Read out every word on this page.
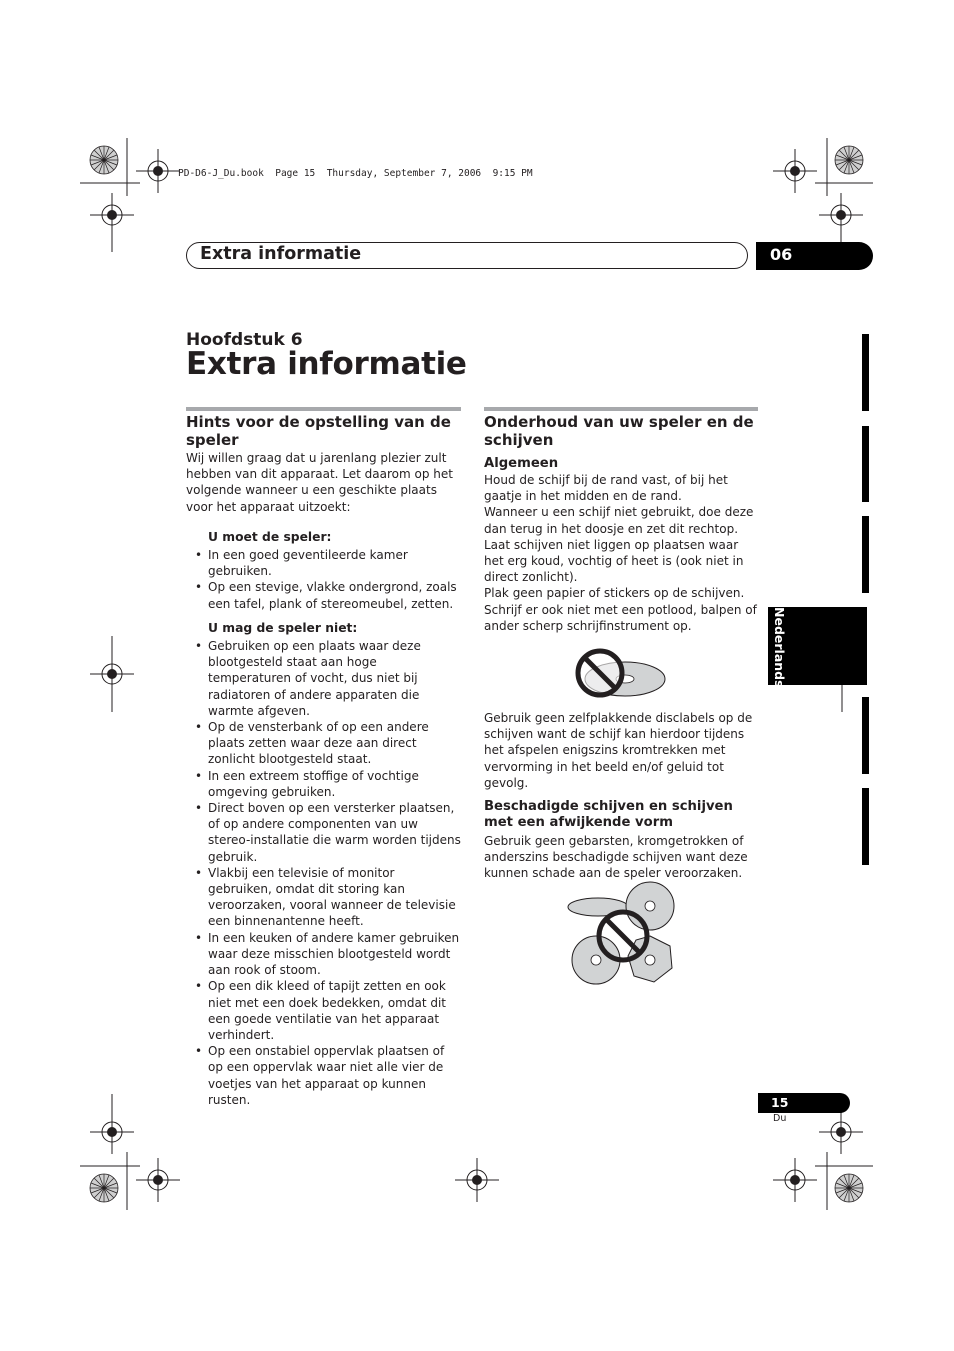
PD-D6-J_Du.book  Page 15  Thursday, September 7, 2006  9:15 PM
Extra informatie	06
Hoofdstuk 6
Extra informatie

Hints voor de opstelling van de speler

Wij willen graag dat u jarenlang plezier zult hebben van dit apparaat. Let daarom op het volgende wanneer u een geschikte plaats voor het apparaat uitzoekt:

U moet de speler:

• In een goed geventileerde kamer gebruiken.
• Op een stevige, vlakke ondergrond, zoals een tafel, plank of stereomeubel, zetten.

U mag de speler niet:

• Gebruiken op een plaats waar deze blootgesteld staat aan hoge temperaturen of vocht, dus niet bij radiatoren of andere apparaten die warmte afgeven.
• Op de vensterbank of op een andere plaats zetten waar deze aan direct zonlicht blootgesteld staat.
• In een extreem stoffige of vochtige omgeving gebruiken.
• Direct boven op een versterker plaatsen, of op andere componenten van uw stereo-installatie die warm worden tijdens gebruik.
• Vlakbij een televisie of monitor gebruiken, omdat dit storing kan veroorzaken, vooral wanneer de televisie een binnenantenne heeft.
• In een keuken of andere kamer gebruiken waar deze misschien blootgesteld wordt aan rook of stoom.
• Op een dik kleed of tapijt zetten en ook niet met een doek bedekken, omdat dit een goede ventilatie van het apparaat verhindert.
• Op een onstabiel oppervlak plaatsen of op een oppervlak waar niet alle vier de voetjes van het apparaat op kunnen rusten.

Onderhoud van uw speler en de schijven

Algemeen

Houd de schijf bij de rand vast, of bij het gaatje in het midden en de rand.

Wanneer u een schijf niet gebruikt, doe deze dan terug in het doosje en zet dit rechtop. Laat schijven niet liggen op plaatsen waar het erg koud, vochtig of heet is (ook niet in direct zonlicht).

Plak geen papier of stickers op de schijven. Schrijf er ook niet met een potlood, balpen of ander scherp schrijfinstrument op.

Gebruik geen zelfplakkende disclabels op de schijven want de schijf kan hierdoor tijdens het afspelen enigszins kromtrekken met vervorming in het beeld en/of geluid tot gevolg.

Beschadigde schijven en schijven met een afwijkende vorm

Gebruik geen gebarsten, kromgetrokken of anderszins beschadigde schijven want deze kunnen schade aan de speler veroorzaken.

Nederlands
15
Du
